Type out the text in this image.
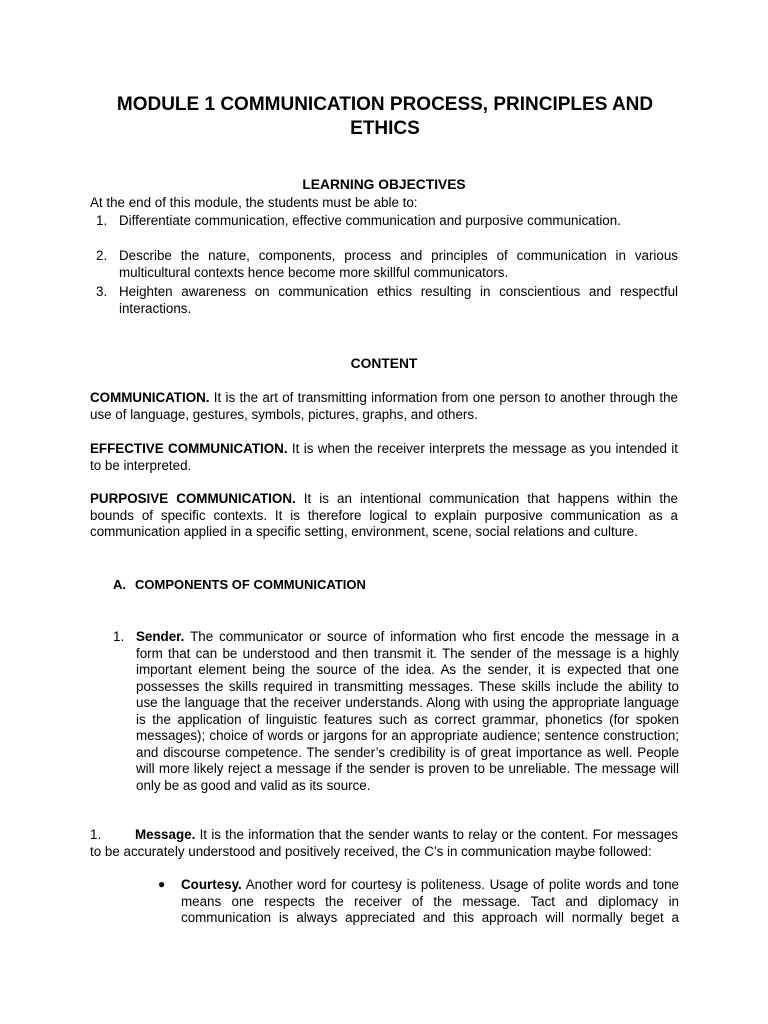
MODULE 1 COMMUNICATION PROCESS, PRINCIPLES AND ETHICS
LEARNING OBJECTIVES
At the end of this module, the students must be able to:
1. Differentiate communication, effective communication and purposive communication.
2. Describe the nature, components, process and principles of communication in various multicultural contexts hence become more skillful communicators.
3. Heighten awareness on communication ethics resulting in conscientious and respectful interactions.
CONTENT
COMMUNICATION. It is the art of transmitting information from one person to another through the use of language, gestures, symbols, pictures, graphs, and others.
EFFECTIVE COMMUNICATION. It is when the receiver interprets the message as you intended it to be interpreted.
PURPOSIVE COMMUNICATION. It is an intentional communication that happens within the bounds of specific contexts. It is therefore logical to explain purposive communication as a communication applied in a specific setting, environment, scene, social relations and culture.
A. COMPONENTS OF COMMUNICATION
1. Sender. The communicator or source of information who first encode the message in a form that can be understood and then transmit it. The sender of the message is a highly important element being the source of the idea. As the sender, it is expected that one possesses the skills required in transmitting messages. These skills include the ability to use the language that the receiver understands. Along with using the appropriate language is the application of linguistic features such as correct grammar, phonetics (for spoken messages); choice of words or jargons for an appropriate audience; sentence construction; and discourse competence. The sender’s credibility is of great importance as well. People will more likely reject a message if the sender is proven to be unreliable. The message will only be as good and valid as its source.
1.	Message. It is the information that the sender wants to relay or the content. For messages to be accurately understood and positively received, the C’s in communication maybe followed:
● Courtesy. Another word for courtesy is politeness. Usage of polite words and tone means one respects the receiver of the message. Tact and diplomacy in communication is always appreciated and this approach will normally beget a
